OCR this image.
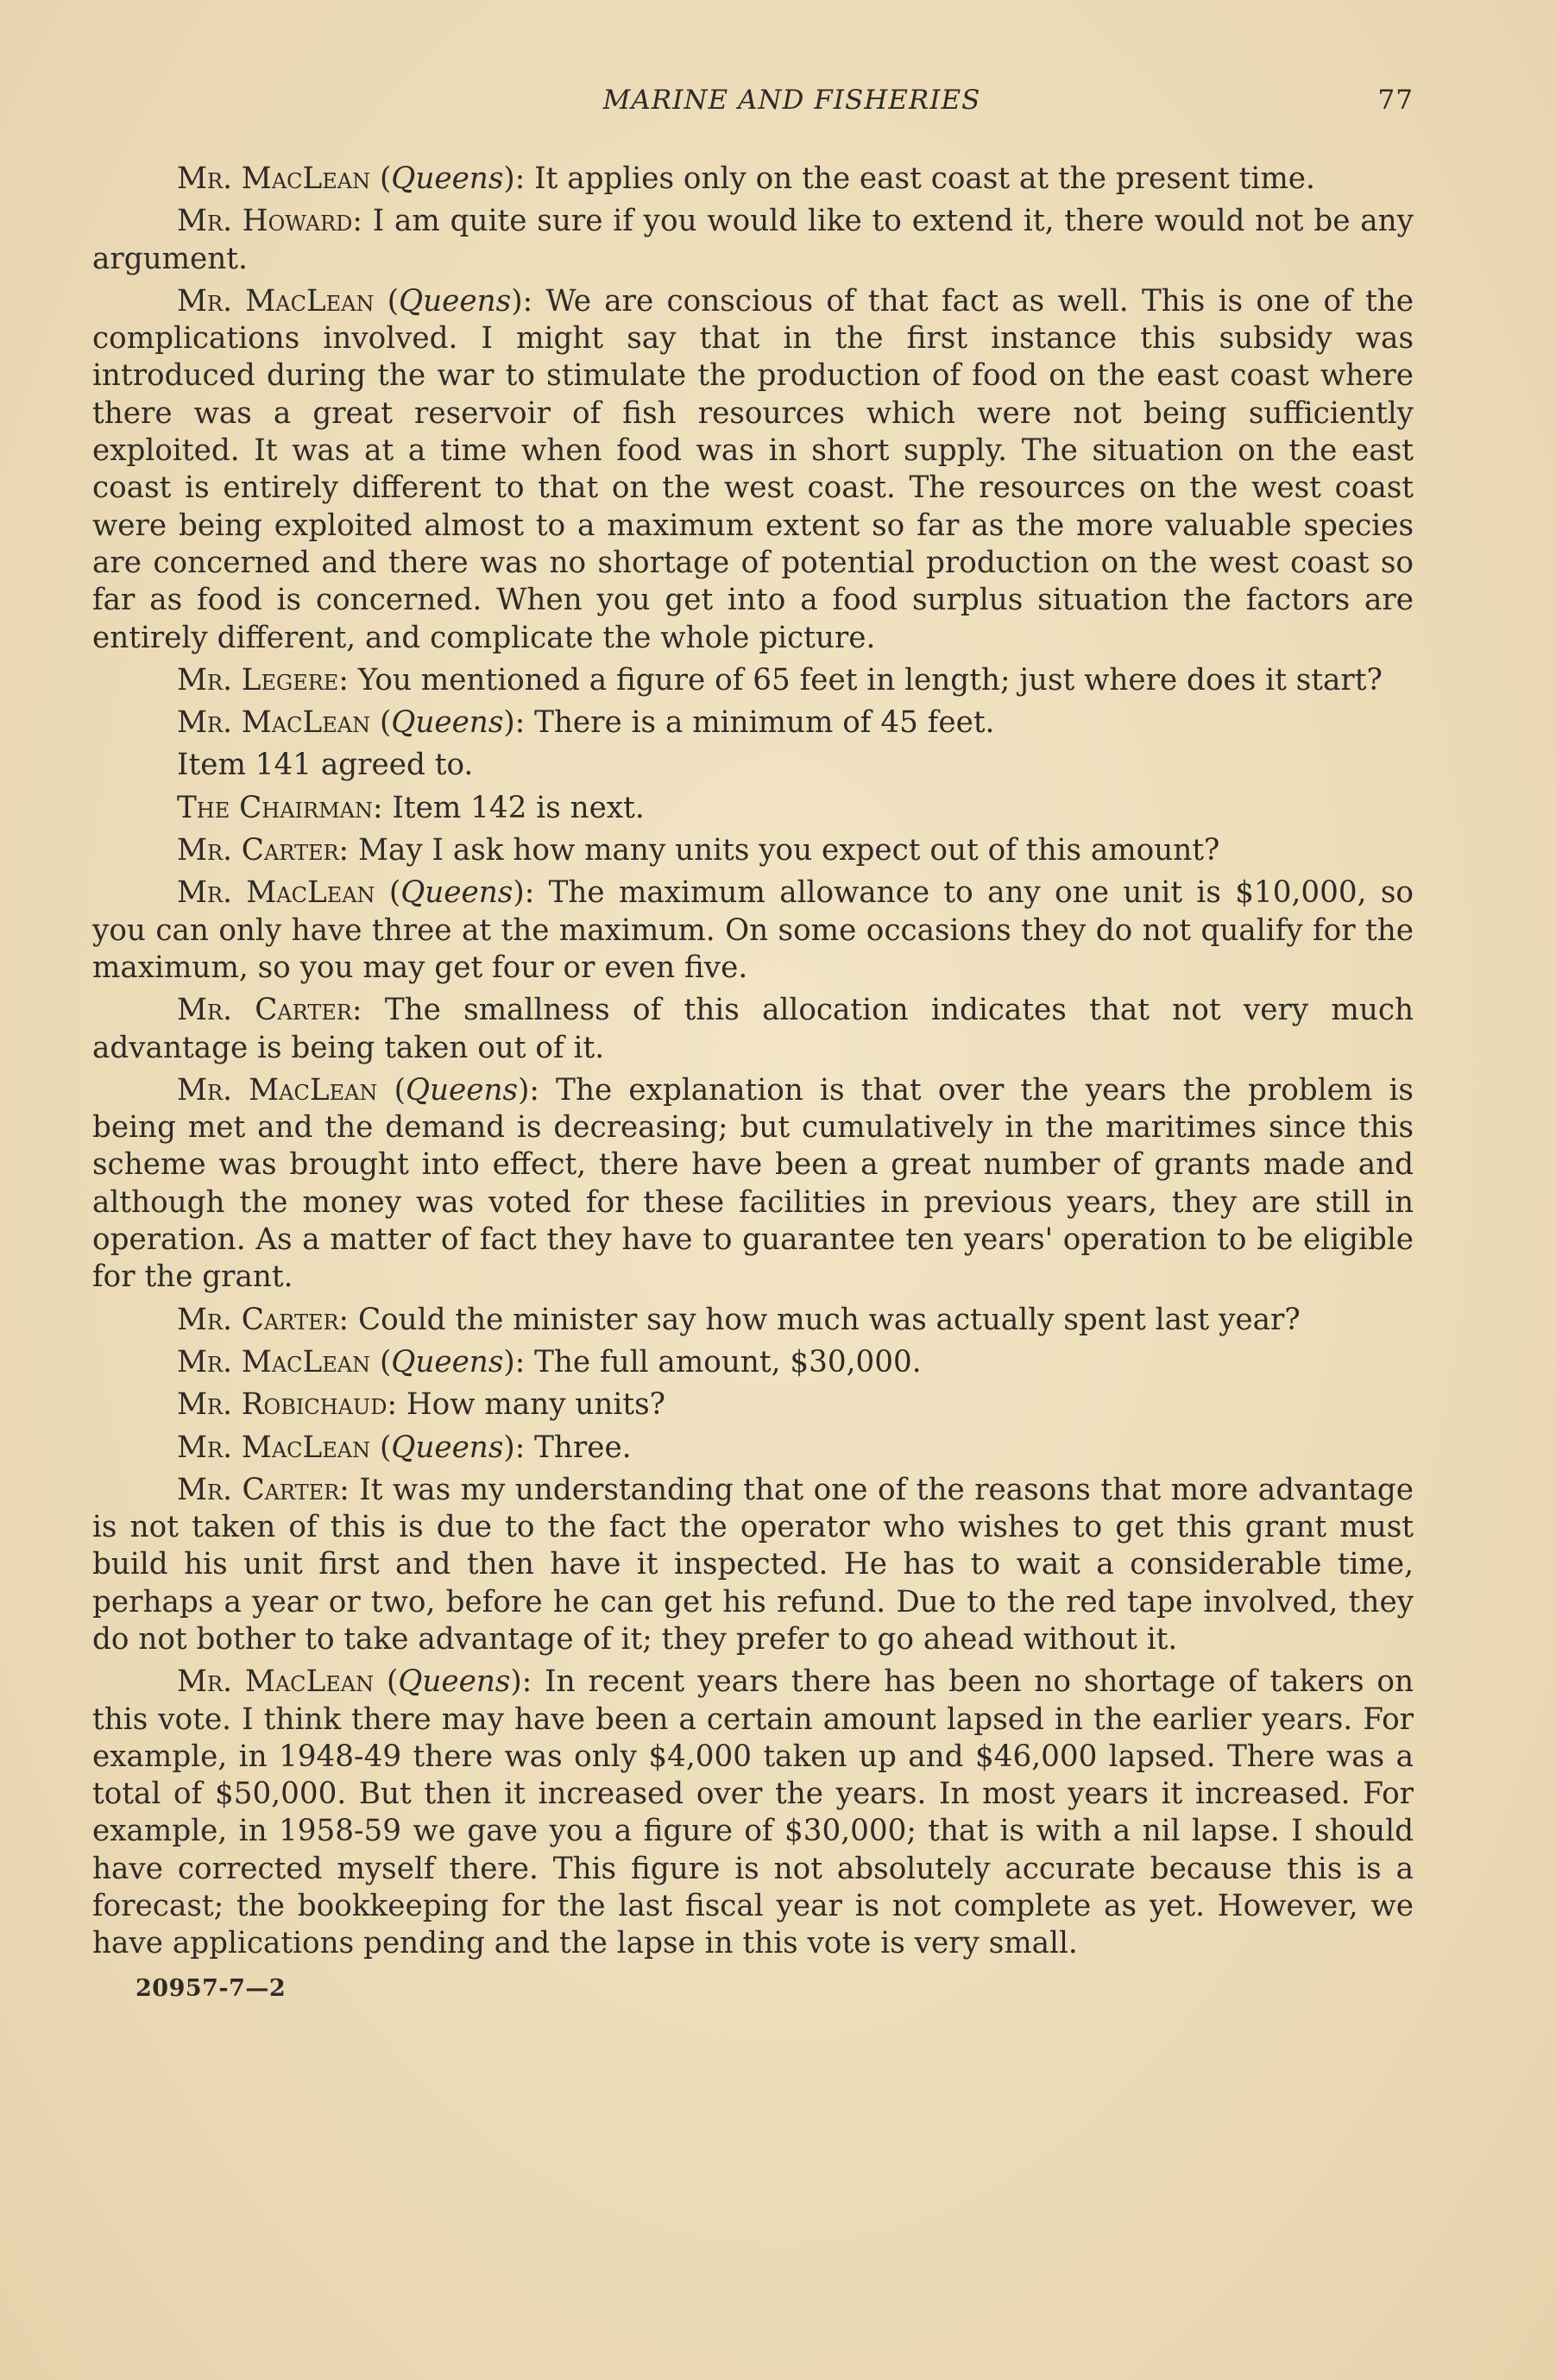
MARINE AND FISHERIES	77

Mr. MacLean (Queens): It applies only on the east coast at the present time.

Mr. Howard: I am quite sure if you would like to extend it, there would not be any argument.

Mr. MacLean (Queens): We are conscious of that fact as well. This is one of the complications involved. I might say that in the first instance this subsidy was introduced during the war to stimulate the production of food on the east coast where there was a great reservoir of fish resources which were not being sufficiently exploited. It was at a time when food was in short supply. The situation on the east coast is entirely different to that on the west coast. The resources on the west coast were being exploited almost to a maximum extent so far as the more valuable species are concerned and there was no shortage of potential production on the west coast so far as food is concerned. When you get into a food surplus situation the factors are entirely different, and complicate the whole picture.

Mr. Legere: You mentioned a figure of 65 feet in length; just where does it start?

Mr. MacLean (Queens): There is a minimum of 45 feet.

Item 141 agreed to.

The Chairman: Item 142 is next.

Mr. Carter: May I ask how many units you expect out of this amount?

Mr. MacLean (Queens): The maximum allowance to any one unit is $10,000, so you can only have three at the maximum. On some occasions they do not qualify for the maximum, so you may get four or even five.

Mr. Carter: The smallness of this allocation indicates that not very much advantage is being taken out of it.

Mr. MacLean (Queens): The explanation is that over the years the problem is being met and the demand is decreasing; but cumulatively in the maritimes since this scheme was brought into effect, there have been a great number of grants made and although the money was voted for these facilities in previous years, they are still in operation. As a matter of fact they have to guarantee ten years' operation to be eligible for the grant.

Mr. Carter: Could the minister say how much was actually spent last year?

Mr. MacLean (Queens): The full amount, $30,000.

Mr. Robichaud: How many units?

Mr. MacLean (Queens): Three.

Mr. Carter: It was my understanding that one of the reasons that more advantage is not taken of this is due to the fact the operator who wishes to get this grant must build his unit first and then have it inspected. He has to wait a considerable time, perhaps a year or two, before he can get his refund. Due to the red tape involved, they do not bother to take advantage of it; they prefer to go ahead without it.

Mr. MacLean (Queens): In recent years there has been no shortage of takers on this vote. I think there may have been a certain amount lapsed in the earlier years. For example, in 1948-49 there was only $4,000 taken up and $46,000 lapsed. There was a total of $50,000. But then it increased over the years. In most years it increased. For example, in 1958-59 we gave you a figure of $30,000; that is with a nil lapse. I should have corrected myself there. This figure is not absolutely accurate because this is a forecast; the bookkeeping for the last fiscal year is not complete as yet. However, we have applications pending and the lapse in this vote is very small.

20957-7—2
